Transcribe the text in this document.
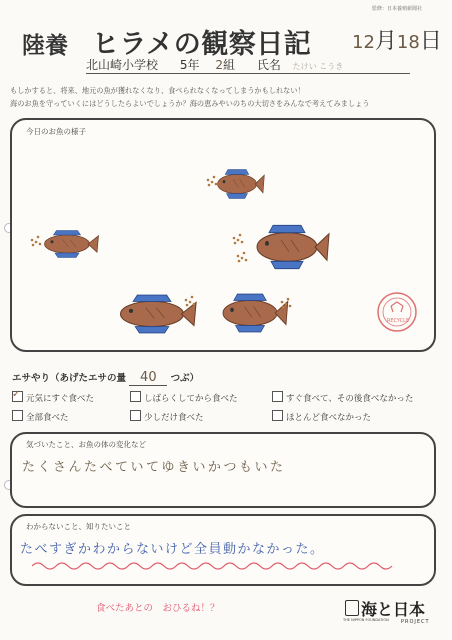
監修：日本養殖新聞社
陸養 ヒラメの観察日記 12月18日
北山崎小学校 5年 2組 氏名 たけい こうき
もしかすると、将来、地元の魚が獲れなくなり、食べられなくなってしまうかもしれない！
海のお魚を守っていくにはどうしたらよいでしょうか？海の恵みやいのちの大切さをみんなで考えてみましょう
今日のお魚の様子
RECYCLE
エサやり（あげたエサの量 40 つぶ）
✓ 元気にすぐ食べた	しばらくしてから食べた	すぐ食べて、その後食べなかった
全部食べた	少しだけ食べた	ほとんど食べなかった
気づいたこと、お魚の体の変化など
たくさんたべていてゆきいかつもいた
わからないこと、知りたいこと
たべすぎかわからないけど全員動かなかった。
食べたあとの　おひるね！？	海と日本
THE NIPPON FOUNDATION PROJECT
